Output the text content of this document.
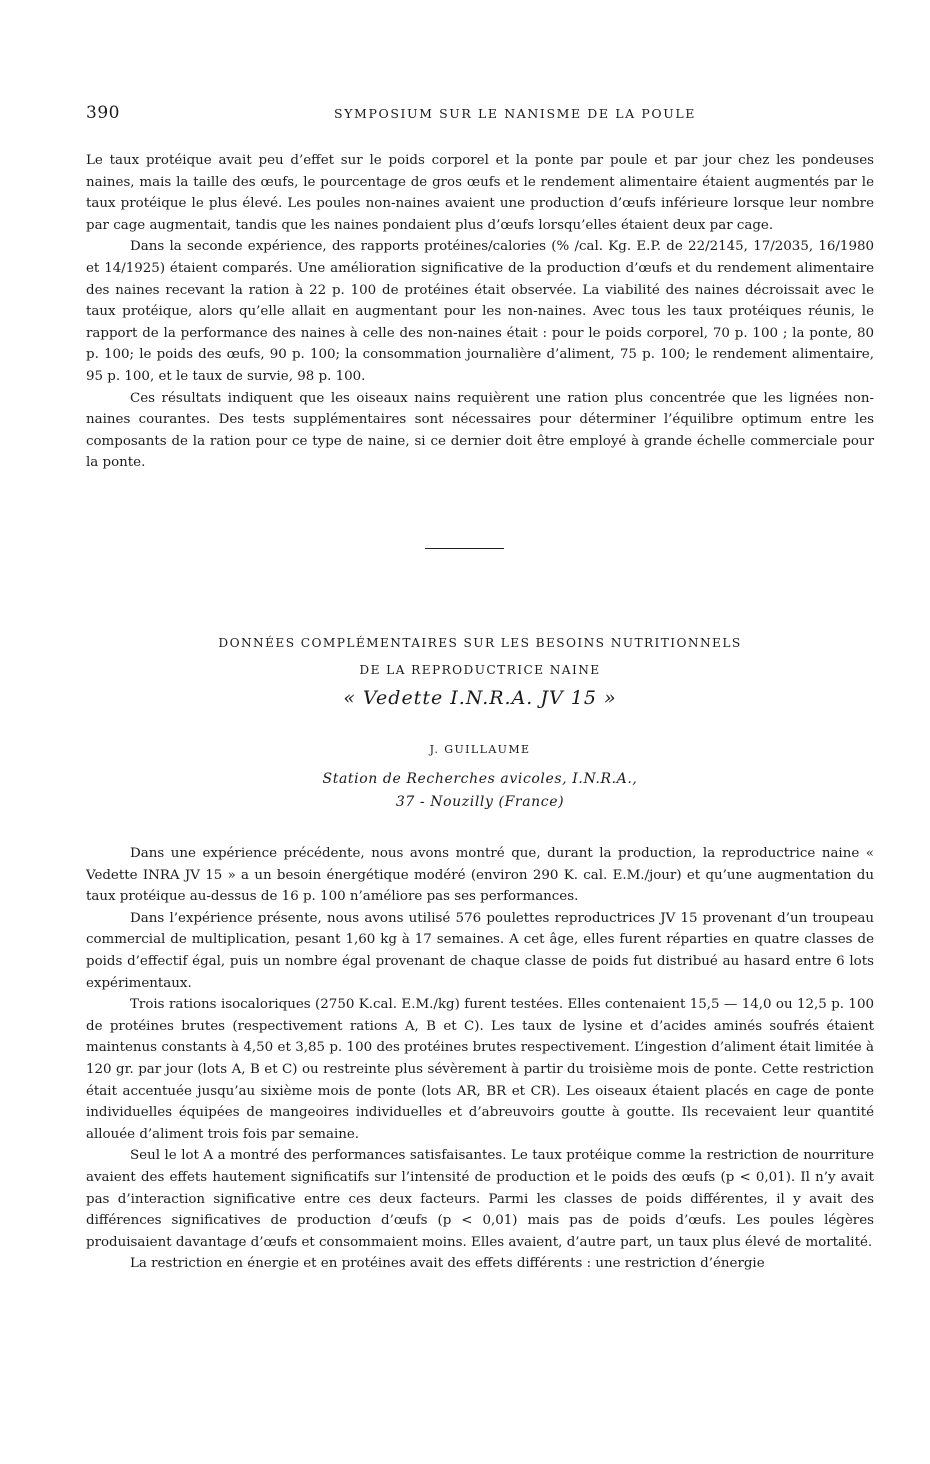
390	SYMPOSIUM SUR LE NANISME DE LA POULE

Le taux protéique avait peu d’effet sur le poids corporel et la ponte par poule et par jour chez les pondeuses naines, mais la taille des œufs, le pourcentage de gros œufs et le rendement alimentaire étaient augmentés par le taux protéique le plus élevé. Les poules non-naines avaient une production d’œufs inférieure lorsque leur nombre par cage augmentait, tandis que les naines pondaient plus d’œufs lorsqu’elles étaient deux par cage.

Dans la seconde expérience, des rapports protéines/calories (% /cal. Kg. E.P. de 22/2145, 17/2035, 16/1980 et 14/1925) étaient comparés. Une amélioration significative de la production d’œufs et du rendement alimentaire des naines recevant la ration à 22 p. 100 de protéines était observée. La viabilité des naines décroissait avec le taux protéique, alors qu’elle allait en augmentant pour les non-naines. Avec tous les taux protéiques réunis, le rapport de la performance des naines à celle des non-naines était : pour le poids corporel, 70 p. 100 ; la ponte, 80 p. 100; le poids des œufs, 90 p. 100; la consommation journalière d’aliment, 75 p. 100; le rendement alimentaire, 95 p. 100, et le taux de survie, 98 p. 100.

Ces résultats indiquent que les oiseaux nains requièrent une ration plus concentrée que les lignées non-naines courantes. Des tests supplémentaires sont nécessaires pour déterminer l’équilibre optimum entre les composants de la ration pour ce type de naine, si ce dernier doit être employé à grande échelle commerciale pour la ponte.

DONNÉES COMPLÉMENTAIRES SUR LES BESOINS NUTRITIONNELS
DE LA REPRODUCTRICE NAINE
« Vedette I.N.R.A. JV 15 »
J. GUILLAUME
Station de Recherches avicoles, I.N.R.A.,
37 - Nouzilly (France)

Dans une expérience précédente, nous avons montré que, durant la production, la reproductrice naine « Vedette INRA JV 15 » a un besoin énergétique modéré (environ 290 K. cal. E.M./jour) et qu’une augmentation du taux protéique au-dessus de 16 p. 100 n’améliore pas ses performances.

Dans l’expérience présente, nous avons utilisé 576 poulettes reproductrices JV 15 provenant d’un troupeau commercial de multiplication, pesant 1,60 kg à 17 semaines. A cet âge, elles furent réparties en quatre classes de poids d’effectif égal, puis un nombre égal provenant de chaque classe de poids fut distribué au hasard entre 6 lots expérimentaux.

Trois rations isocaloriques (2750 K.cal. E.M./kg) furent testées. Elles contenaient 15,5 — 14,0 ou 12,5 p. 100 de protéines brutes (respectivement rations A, B et C). Les taux de lysine et d’acides aminés soufrés étaient maintenus constants à 4,50 et 3,85 p. 100 des protéines brutes respectivement. L’ingestion d’aliment était limitée à 120 gr. par jour (lots A, B et C) ou restreinte plus sévèrement à partir du troisième mois de ponte. Cette restriction était accentuée jusqu’au sixième mois de ponte (lots AR, BR et CR). Les oiseaux étaient placés en cage de ponte individuelles équipées de mangeoires individuelles et d’abreuvoirs goutte à goutte. Ils recevaient leur quantité allouée d’aliment trois fois par semaine.

Seul le lot A a montré des performances satisfaisantes. Le taux protéique comme la restriction de nourriture avaient des effets hautement significatifs sur l’intensité de production et le poids des œufs (p < 0,01). Il n’y avait pas d’interaction significative entre ces deux facteurs. Parmi les classes de poids différentes, il y avait des différences significatives de production d’œufs (p < 0,01) mais pas de poids d’œufs. Les poules légères produisaient davantage d’œufs et consommaient moins. Elles avaient, d’autre part, un taux plus élevé de mortalité.

La restriction en énergie et en protéines avait des effets différents : une restriction d’énergie
